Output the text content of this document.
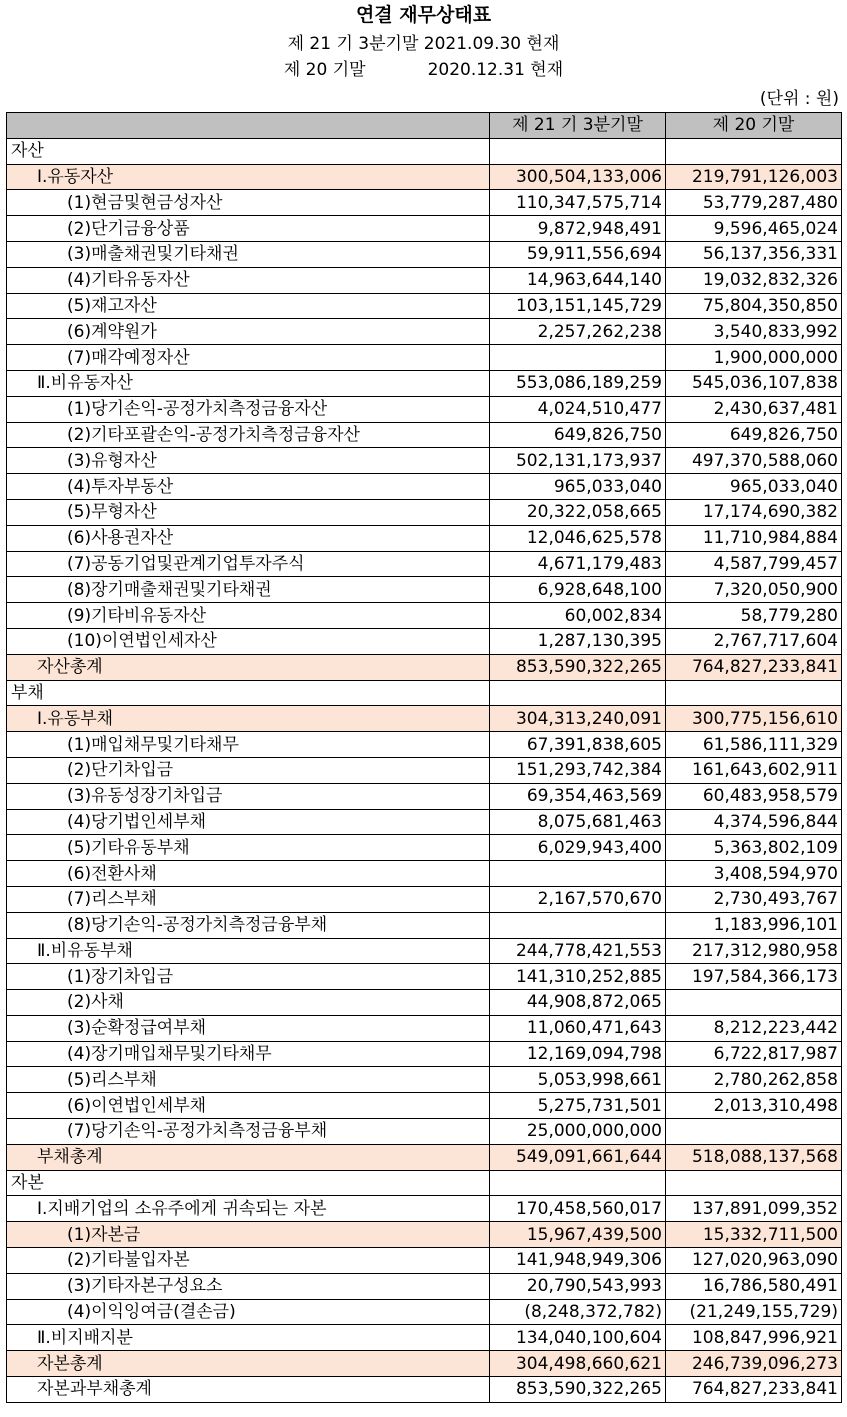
연결 재무상태표
제 21 기 3분기말 2021.09.30 현재
제 20 기말	2020.12.31 현재
(단위 : 원)
	제 21 기 3분기말	제 20 기말
자산		
Ⅰ.유동자산	300,504,133,006	219,791,126,003
(1)현금및현금성자산	110,347,575,714	53,779,287,480
(2)단기금융상품	9,872,948,491	9,596,465,024
(3)매출채권및기타채권	59,911,556,694	56,137,356,331
(4)기타유동자산	14,963,644,140	19,032,832,326
(5)재고자산	103,151,145,729	75,804,350,850
(6)계약원가	2,257,262,238	3,540,833,992
(7)매각예정자산		1,900,000,000
Ⅱ.비유동자산	553,086,189,259	545,036,107,838
(1)당기손익-공정가치측정금융자산	4,024,510,477	2,430,637,481
(2)기타포괄손익-공정가치측정금융자산	649,826,750	649,826,750
(3)유형자산	502,131,173,937	497,370,588,060
(4)투자부동산	965,033,040	965,033,040
(5)무형자산	20,322,058,665	17,174,690,382
(6)사용권자산	12,046,625,578	11,710,984,884
(7)공동기업및관계기업투자주식	4,671,179,483	4,587,799,457
(8)장기매출채권및기타채권	6,928,648,100	7,320,050,900
(9)기타비유동자산	60,002,834	58,779,280
(10)이연법인세자산	1,287,130,395	2,767,717,604
자산총계	853,590,322,265	764,827,233,841
부채		
Ⅰ.유동부채	304,313,240,091	300,775,156,610
(1)매입채무및기타채무	67,391,838,605	61,586,111,329
(2)단기차입금	151,293,742,384	161,643,602,911
(3)유동성장기차입금	69,354,463,569	60,483,958,579
(4)당기법인세부채	8,075,681,463	4,374,596,844
(5)기타유동부채	6,029,943,400	5,363,802,109
(6)전환사채		3,408,594,970
(7)리스부채	2,167,570,670	2,730,493,767
(8)당기손익-공정가치측정금융부채		1,183,996,101
Ⅱ.비유동부채	244,778,421,553	217,312,980,958
(1)장기차입금	141,310,252,885	197,584,366,173
(2)사채	44,908,872,065	
(3)순확정급여부채	11,060,471,643	8,212,223,442
(4)장기매입채무및기타채무	12,169,094,798	6,722,817,987
(5)리스부채	5,053,998,661	2,780,262,858
(6)이연법인세부채	5,275,731,501	2,013,310,498
(7)당기손익-공정가치측정금융부채	25,000,000,000	
부채총계	549,091,661,644	518,088,137,568
자본		
Ⅰ.지배기업의 소유주에게 귀속되는 자본	170,458,560,017	137,891,099,352
(1)자본금	15,967,439,500	15,332,711,500
(2)기타불입자본	141,948,949,306	127,020,963,090
(3)기타자본구성요소	20,790,543,993	16,786,580,491
(4)이익잉여금(결손금)	(8,248,372,782)	(21,249,155,729)
Ⅱ.비지배지분	134,040,100,604	108,847,996,921
자본총계	304,498,660,621	246,739,096,273
자본과부채총계	853,590,322,265	764,827,233,841
